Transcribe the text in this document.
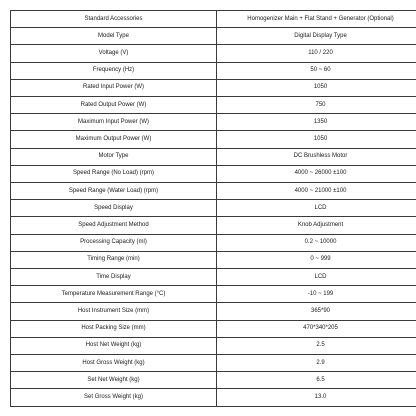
Standard Accessories	Homogenizer Main + Flat Stand + Generator (Optional)
Model Type	Digital Display Type
Voltage (V)	110 / 220
Frequency (Hz)	50 ~ 60
Rated Input Power (W)	1050
Rated Output Power (W)	750
Maximum Input Power (W)	1350
Maximum Output Power (W)	1050
Motor Type	DC Brushless Motor
Speed Range (No Load) (rpm)	4000 ~ 26000 ±100
Speed Range (Water Load) (rpm)	4000 ~ 21000 ±100
Speed Display	LCD
Speed Adjustment Method	Knob Adjustment
Processing Capacity (ml)	0.2 ~ 10000
Timing Range (min)	0 ~ 999
Time Display	LCD
Temperature Measurement Range (°C)	-10 ~ 199
Host Instrument Size (mm)	365*90
Host Packing Size (mm)	470*340*205
Host Net Weight (kg)	2.5
Host Gross Weight (kg)	2.9
Set Net Weight (kg)	6.5
Set Gross Weight (kg)	13.0
